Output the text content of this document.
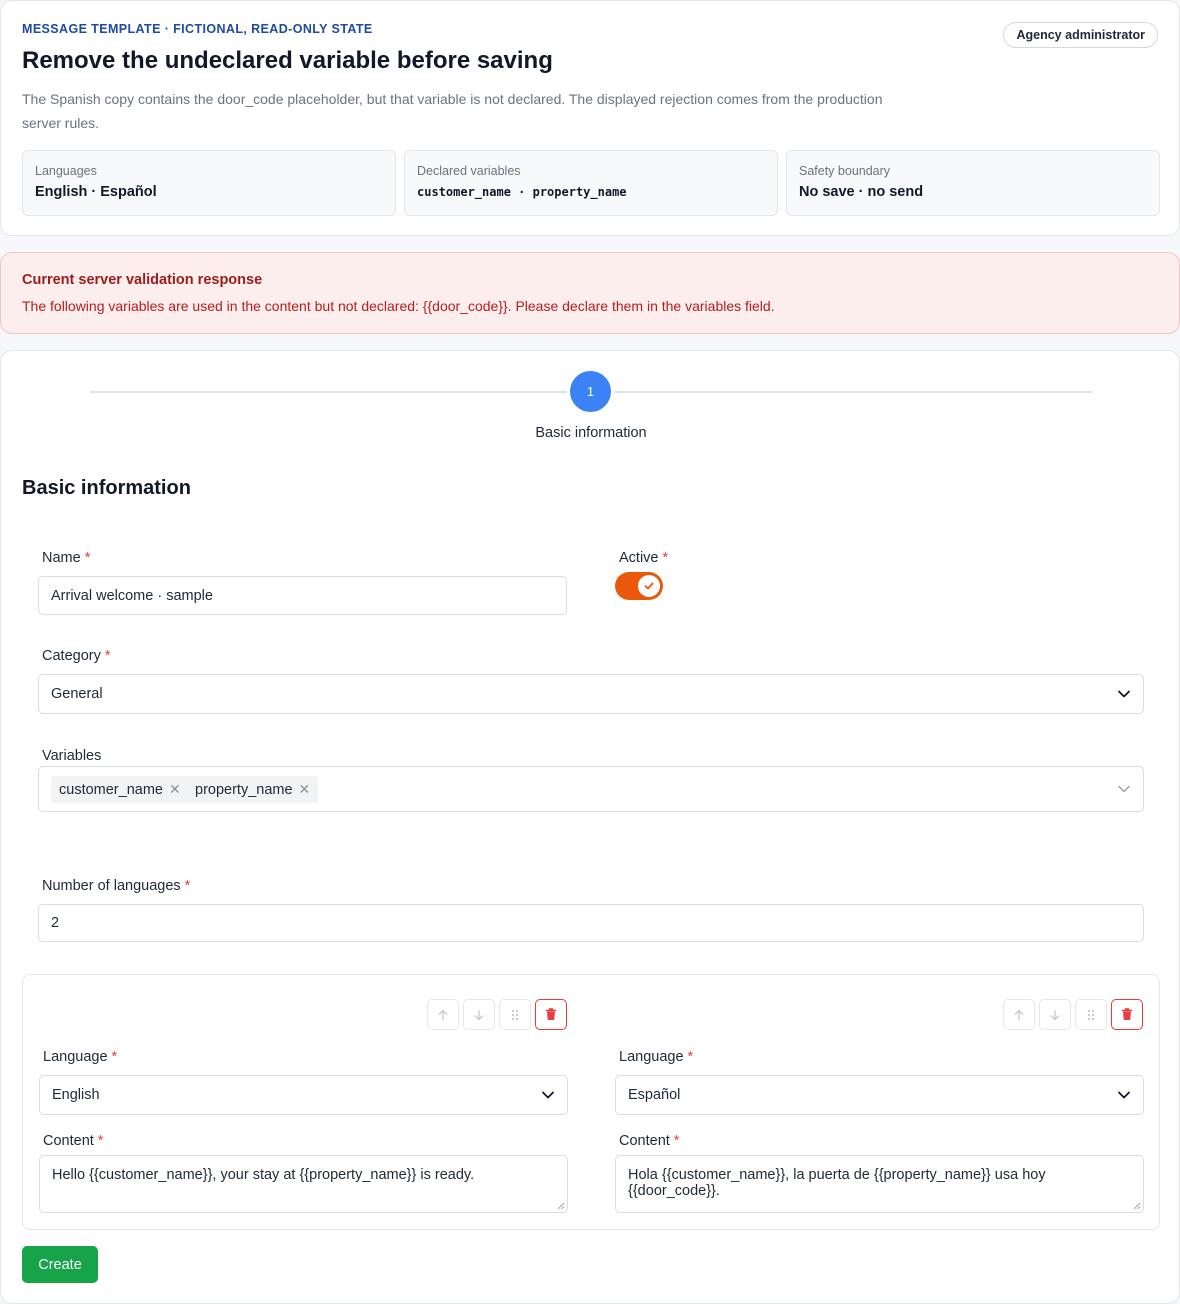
MESSAGE TEMPLATE · FICTIONAL, READ-ONLY STATE	Agency administrator
Remove the undeclared variable before saving
The Spanish copy contains the door_code placeholder, but that variable is not declared. The displayed rejection comes from the production server rules.
Languages
English · Español
Declared variables
customer_name · property_name
Safety boundary
No save · no send
Current server validation response
The following variables are used in the content but not declared: {{door_code}}. Please declare them in the variables field.
1
Basic information
Basic information
Name *
Arrival welcome · sample
Active *
Category *
General
Variables
customer_name ✕ property_name ✕
Number of languages *
2
Language *
English
Content *
Hello {{customer_name}}, your stay at {{property_name}} is ready.
Language *
Español
Content *
Hola {{customer_name}}, la puerta de {{property_name}} usa hoy {{door_code}}.
Create
